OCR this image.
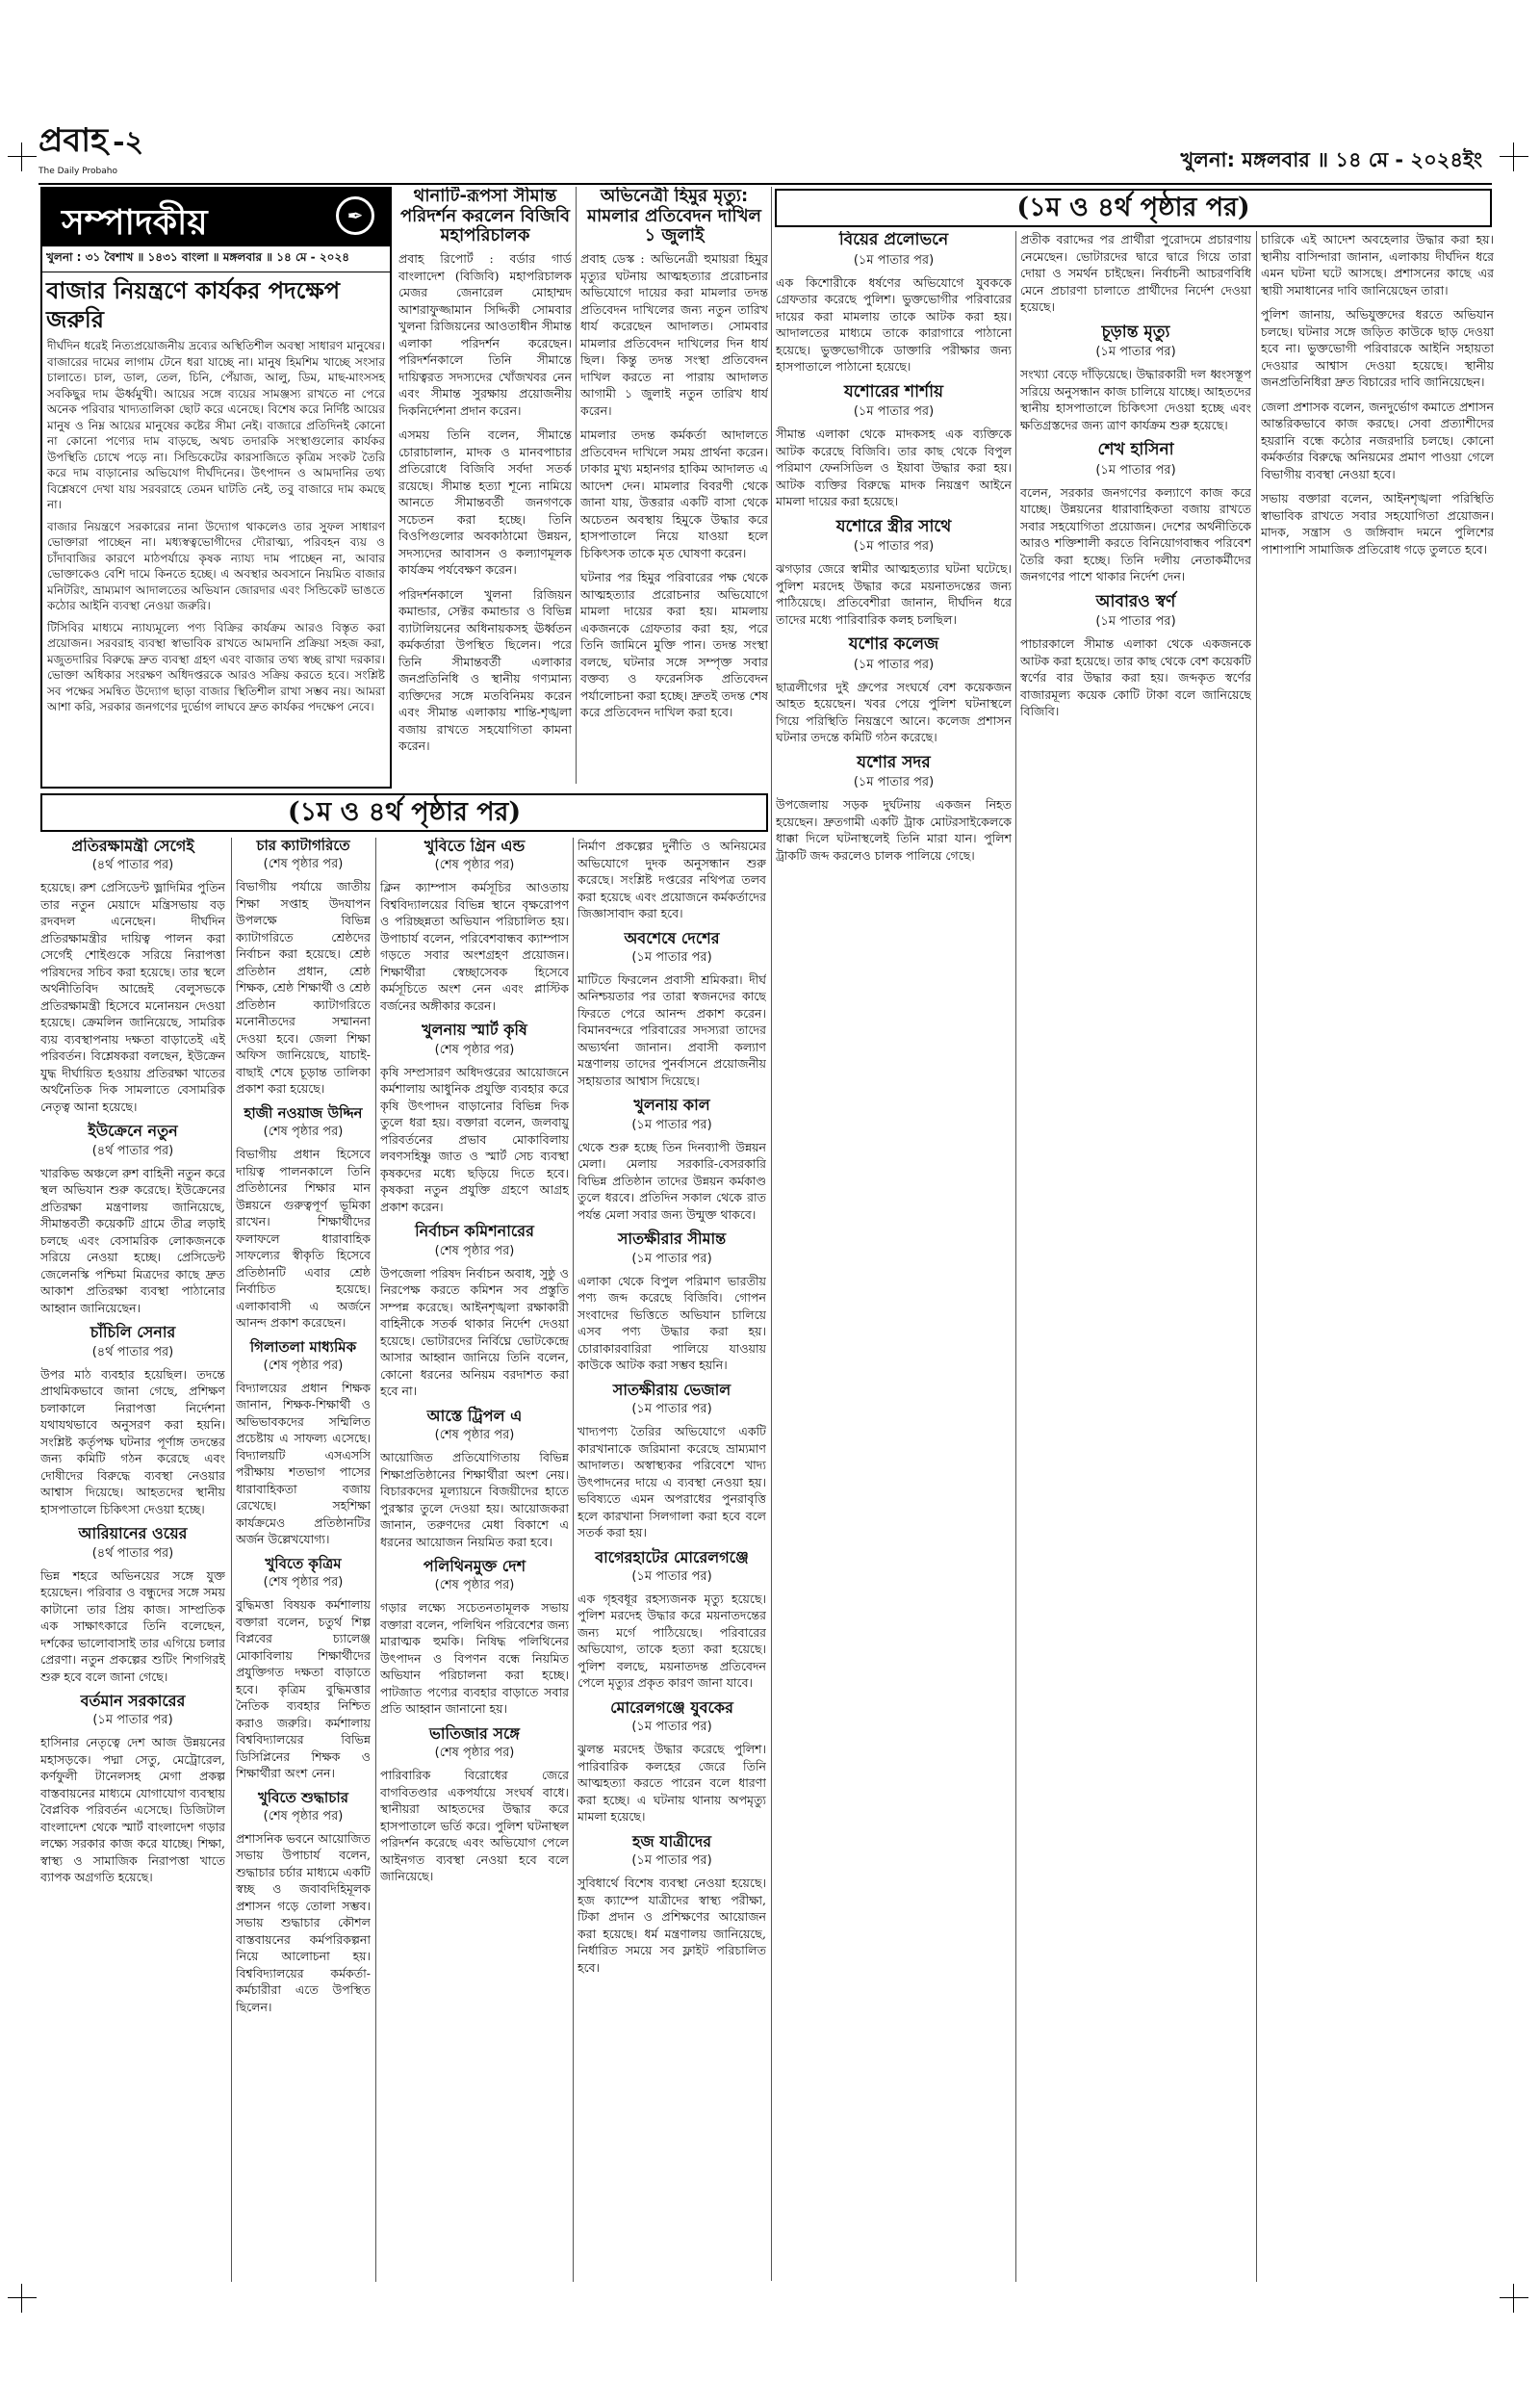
প্রবাহ -২
The Daily Probaho	খুলনা: মঙ্গলবার ॥ ১৪ মে - ২০২৪ইং
সম্পাদকীয়	✒
খুলনা : ৩১ বৈশাখ ॥ ১৪৩১ বাংলা ॥ মঙ্গলবার ॥ ১৪ মে - ২০২৪
বাজার নিয়ন্ত্রণে কার্যকর পদক্ষেপ জরুরি

দীর্ঘদিন ধরেই নিত্যপ্রয়োজনীয় দ্রব্যের অস্থিতিশীল অবস্থা সাধারণ মানুষের। বাজারের দামের লাগাম টেনে ধরা যাচ্ছে না। মানুষ হিমশিম খাচ্ছে সংসার চালাতে। চাল, ডাল, তেল, চিনি, পেঁয়াজ, আলু, ডিম, মাছ-মাংসসহ সবকিছুর দাম ঊর্ধ্বমুখী। আয়ের সঙ্গে ব্যয়ের সামঞ্জস্য রাখতে না পেরে অনেক পরিবার খাদ্যতালিকা ছোট করে এনেছে। বিশেষ করে নির্দিষ্ট আয়ের মানুষ ও নিম্ন আয়ের মানুষের কষ্টের সীমা নেই। বাজারে প্রতিদিনই কোনো না কোনো পণ্যের দাম বাড়ছে, অথচ তদারকি সংস্থাগুলোর কার্যকর উপস্থিতি চোখে পড়ে না। সিন্ডিকেটের কারসাজিতে কৃত্রিম সংকট তৈরি করে দাম বাড়ানোর অভিযোগ দীর্ঘদিনের। উৎপাদন ও আমদানির তথ্য বিশ্লেষণে দেখা যায় সরবরাহে তেমন ঘাটতি নেই, তবু বাজারে দাম কমছে না।

বাজার নিয়ন্ত্রণে সরকারের নানা উদ্যোগ থাকলেও তার সুফল সাধারণ ভোক্তারা পাচ্ছেন না। মধ্যস্বত্বভোগীদের দৌরাত্ম্য, পরিবহন ব্যয় ও চাঁদাবাজির কারণে মাঠপর্যায়ে কৃষক ন্যায্য দাম পাচ্ছেন না, আবার ভোক্তাকেও বেশি দামে কিনতে হচ্ছে। এ অবস্থার অবসানে নিয়মিত বাজার মনিটরিং, ভ্রাম্যমাণ আদালতের অভিযান জোরদার এবং সিন্ডিকেট ভাঙতে কঠোর আইনি ব্যবস্থা নেওয়া জরুরি।

টিসিবির মাধ্যমে ন্যায্যমূল্যে পণ্য বিক্রির কার্যক্রম আরও বিস্তৃত করা প্রয়োজন। সরবরাহ ব্যবস্থা স্বাভাবিক রাখতে আমদানি প্রক্রিয়া সহজ করা, মজুতদারির বিরুদ্ধে দ্রুত ব্যবস্থা গ্রহণ এবং বাজার তথ্য স্বচ্ছ রাখা দরকার। ভোক্তা অধিকার সংরক্ষণ অধিদপ্তরকে আরও সক্রিয় করতে হবে। সংশ্লিষ্ট সব পক্ষের সমন্বিত উদ্যোগ ছাড়া বাজার স্থিতিশীল রাখা সম্ভব নয়। আমরা আশা করি, সরকার জনগণের দুর্ভোগ লাঘবে দ্রুত কার্যকর পদক্ষেপ নেবে।

থানাটি-রূপসা সীমান্ত পরিদর্শন করলেন বিজিবি মহাপরিচালক

প্রবাহ রিপোর্ট : বর্ডার গার্ড বাংলাদেশ (বিজিবি) মহাপরিচালক মেজর জেনারেল মোহাম্মদ আশরাফুজ্জামান সিদ্দিকী সোমবার খুলনা রিজিয়নের আওতাধীন সীমান্ত এলাকা পরিদর্শন করেছেন। পরিদর্শনকালে তিনি সীমান্তে দায়িত্বরত সদস্যদের খোঁজখবর নেন এবং সীমান্ত সুরক্ষায় প্রয়োজনীয় দিকনির্দেশনা প্রদান করেন।

এসময় তিনি বলেন, সীমান্তে চোরাচালান, মাদক ও মানবপাচার প্রতিরোধে বিজিবি সর্বদা সতর্ক রয়েছে। সীমান্ত হত্যা শূন্যে নামিয়ে আনতে সীমান্তবর্তী জনগণকে সচেতন করা হচ্ছে। তিনি বিওপিগুলোর অবকাঠামো উন্নয়ন, সদস্যদের আবাসন ও কল্যাণমূলক কার্যক্রম পর্যবেক্ষণ করেন।

পরিদর্শনকালে খুলনা রিজিয়ন কমান্ডার, সেক্টর কমান্ডার ও বিভিন্ন ব্যাটালিয়নের অধিনায়কসহ ঊর্ধ্বতন কর্মকর্তারা উপস্থিত ছিলেন। পরে তিনি সীমান্তবর্তী এলাকার জনপ্রতিনিধি ও স্থানীয় গণ্যমান্য ব্যক্তিদের সঙ্গে মতবিনিময় করেন এবং সীমান্ত এলাকায় শান্তি-শৃঙ্খলা বজায় রাখতে সহযোগিতা কামনা করেন।

অভিনেত্রী হিমুর মৃত্যু: মামলার প্রতিবেদন দাখিল ১ জুলাই

প্রবাহ ডেস্ক : অভিনেত্রী হুমায়রা হিমুর মৃত্যুর ঘটনায় আত্মহত্যার প্ররোচনার অভিযোগে দায়ের করা মামলার তদন্ত প্রতিবেদন দাখিলের জন্য নতুন তারিখ ধার্য করেছেন আদালত। সোমবার মামলার প্রতিবেদন দাখিলের দিন ধার্য ছিল। কিন্তু তদন্ত সংস্থা প্রতিবেদন দাখিল করতে না পারায় আদালত আগামী ১ জুলাই নতুন তারিখ ধার্য করেন।

মামলার তদন্ত কর্মকর্তা আদালতে প্রতিবেদন দাখিলে সময় প্রার্থনা করেন। ঢাকার মুখ্য মহানগর হাকিম আদালত এ আদেশ দেন। মামলার বিবরণী থেকে জানা যায়, উত্তরার একটি বাসা থেকে অচেতন অবস্থায় হিমুকে উদ্ধার করে হাসপাতালে নিয়ে যাওয়া হলে চিকিৎসক তাকে মৃত ঘোষণা করেন।

ঘটনার পর হিমুর পরিবারের পক্ষ থেকে আত্মহত্যার প্ররোচনার অভিযোগে মামলা দায়ের করা হয়। মামলায় একজনকে গ্রেফতার করা হয়, পরে তিনি জামিনে মুক্তি পান। তদন্ত সংস্থা বলছে, ঘটনার সঙ্গে সম্পৃক্ত সবার বক্তব্য ও ফরেনসিক প্রতিবেদন পর্যালোচনা করা হচ্ছে। দ্রুতই তদন্ত শেষ করে প্রতিবেদন দাখিল করা হবে।

(১ম ও ৪র্থ পৃষ্ঠার পর)
(১ম ও ৪র্থ পৃষ্ঠার পর)
প্রতিরক্ষামন্ত্রী সেগেই
(৪র্থ পাতার পর)

হয়েছে। রুশ প্রেসিডেন্ট ভ্লাদিমির পুতিন তার নতুন মেয়াদে মন্ত্রিসভায় বড় রদবদল এনেছেন। দীর্ঘদিন প্রতিরক্ষামন্ত্রীর দায়িত্ব পালন করা সের্গেই শোইগুকে সরিয়ে নিরাপত্তা পরিষদের সচিব করা হয়েছে। তার স্থলে অর্থনীতিবিদ আন্দ্রেই বেলুসভকে প্রতিরক্ষামন্ত্রী হিসেবে মনোনয়ন দেওয়া হয়েছে। ক্রেমলিন জানিয়েছে, সামরিক ব্যয় ব্যবস্থাপনায় দক্ষতা বাড়াতেই এই পরিবর্তন। বিশ্লেষকরা বলছেন, ইউক্রেন যুদ্ধ দীর্ঘায়িত হওয়ায় প্রতিরক্ষা খাতের অর্থনৈতিক দিক সামলাতে বেসামরিক নেতৃত্ব আনা হয়েছে।

ইউক্রেনে নতুন
(৪র্থ পাতার পর)

খারকিভ অঞ্চলে রুশ বাহিনী নতুন করে স্থল অভিযান শুরু করেছে। ইউক্রেনের প্রতিরক্ষা মন্ত্রণালয় জানিয়েছে, সীমান্তবর্তী কয়েকটি গ্রামে তীব্র লড়াই চলছে এবং বেসামরিক লোকজনকে সরিয়ে নেওয়া হচ্ছে। প্রেসিডেন্ট জেলেনস্কি পশ্চিমা মিত্রদের কাছে দ্রুত আকাশ প্রতিরক্ষা ব্যবস্থা পাঠানোর আহ্বান জানিয়েছেন।

চাঁচিলি সেনার
(৪র্থ পাতার পর)

উপর মাঠ ব্যবহার হয়েছিল। তদন্তে প্রাথমিকভাবে জানা গেছে, প্রশিক্ষণ চলাকালে নিরাপত্তা নির্দেশনা যথাযথভাবে অনুসরণ করা হয়নি। সংশ্লিষ্ট কর্তৃপক্ষ ঘটনার পূর্ণাঙ্গ তদন্তের জন্য কমিটি গঠন করেছে এবং দোষীদের বিরুদ্ধে ব্যবস্থা নেওয়ার আশ্বাস দিয়েছে। আহতদের স্থানীয় হাসপাতালে চিকিৎসা দেওয়া হচ্ছে।

আরিয়ানের ওয়ের
(৪র্থ পাতার পর)

ভিন্ন শহরে অভিনয়ের সঙ্গে যুক্ত হয়েছেন। পরিবার ও বন্ধুদের সঙ্গে সময় কাটানো তার প্রিয় কাজ। সাম্প্রতিক এক সাক্ষাৎকারে তিনি বলেছেন, দর্শকের ভালোবাসাই তার এগিয়ে চলার প্রেরণা। নতুন প্রকল্পের শুটিং শিগগিরই শুরু হবে বলে জানা গেছে।

বর্তমান সরকারের
(১ম পাতার পর)

হাসিনার নেতৃত্বে দেশ আজ উন্নয়নের মহাসড়কে। পদ্মা সেতু, মেট্রোরেল, কর্ণফুলী টানেলসহ মেগা প্রকল্প বাস্তবায়নের মাধ্যমে যোগাযোগ ব্যবস্থায় বৈপ্লবিক পরিবর্তন এসেছে। ডিজিটাল বাংলাদেশ থেকে স্মার্ট বাংলাদেশ গড়ার লক্ষ্যে সরকার কাজ করে যাচ্ছে। শিক্ষা, স্বাস্থ্য ও সামাজিক নিরাপত্তা খাতে ব্যাপক অগ্রগতি হয়েছে।

চার ক্যাটাগরিতে
(শেষ পৃষ্ঠার পর)

বিভাগীয় পর্যায়ে জাতীয় শিক্ষা সপ্তাহ উদযাপন উপলক্ষে বিভিন্ন ক্যাটাগরিতে শ্রেষ্ঠদের নির্বাচন করা হয়েছে। শ্রেষ্ঠ প্রতিষ্ঠান প্রধান, শ্রেষ্ঠ শিক্ষক, শ্রেষ্ঠ শিক্ষার্থী ও শ্রেষ্ঠ প্রতিষ্ঠান ক্যাটাগরিতে মনোনীতদের সম্মাননা দেওয়া হবে। জেলা শিক্ষা অফিস জানিয়েছে, যাচাই-বাছাই শেষে চূড়ান্ত তালিকা প্রকাশ করা হয়েছে।

হাজী নওয়াজ উদ্দিন
(শেষ পৃষ্ঠার পর)

বিভাগীয় প্রধান হিসেবে দায়িত্ব পালনকালে তিনি প্রতিষ্ঠানের শিক্ষার মান উন্নয়নে গুরুত্বপূর্ণ ভূমিকা রাখেন। শিক্ষার্থীদের ফলাফলে ধারাবাহিক সাফল্যের স্বীকৃতি হিসেবে প্রতিষ্ঠানটি এবার শ্রেষ্ঠ নির্বাচিত হয়েছে। এলাকাবাসী এ অর্জনে আনন্দ প্রকাশ করেছেন।

গিলাতলা মাধ্যমিক
(শেষ পৃষ্ঠার পর)

বিদ্যালয়ের প্রধান শিক্ষক জানান, শিক্ষক-শিক্ষার্থী ও অভিভাবকদের সম্মিলিত প্রচেষ্টায় এ সাফল্য এসেছে। বিদ্যালয়টি এসএসসি পরীক্ষায় শতভাগ পাসের ধারাবাহিকতা বজায় রেখেছে। সহশিক্ষা কার্যক্রমেও প্রতিষ্ঠানটির অর্জন উল্লেখযোগ্য।

খুবিতে কৃত্রিম
(শেষ পৃষ্ঠার পর)

বুদ্ধিমত্তা বিষয়ক কর্মশালায় বক্তারা বলেন, চতুর্থ শিল্প বিপ্লবের চ্যালেঞ্জ মোকাবিলায় শিক্ষার্থীদের প্রযুক্তিগত দক্ষতা বাড়াতে হবে। কৃত্রিম বুদ্ধিমত্তার নৈতিক ব্যবহার নিশ্চিত করাও জরুরি। কর্মশালায় বিশ্ববিদ্যালয়ের বিভিন্ন ডিসিপ্লিনের শিক্ষক ও শিক্ষার্থীরা অংশ নেন।

খুবিতে শুদ্ধাচার
(শেষ পৃষ্ঠার পর)

প্রশাসনিক ভবনে আয়োজিত সভায় উপাচার্য বলেন, শুদ্ধাচার চর্চার মাধ্যমে একটি স্বচ্ছ ও জবাবদিহিমূলক প্রশাসন গড়ে তোলা সম্ভব। সভায় শুদ্ধাচার কৌশল বাস্তবায়নের কর্মপরিকল্পনা নিয়ে আলোচনা হয়। বিশ্ববিদ্যালয়ের কর্মকর্তা-কর্মচারীরা এতে উপস্থিত ছিলেন।

খুবিতে গ্রিন এন্ড
(শেষ পৃষ্ঠার পর)

ক্লিন ক্যাম্পাস কর্মসূচির আওতায় বিশ্ববিদ্যালয়ের বিভিন্ন স্থানে বৃক্ষরোপণ ও পরিচ্ছন্নতা অভিযান পরিচালিত হয়। উপাচার্য বলেন, পরিবেশবান্ধব ক্যাম্পাস গড়তে সবার অংশগ্রহণ প্রয়োজন। শিক্ষার্থীরা স্বেচ্ছাসেবক হিসেবে কর্মসূচিতে অংশ নেন এবং প্লাস্টিক বর্জনের অঙ্গীকার করেন।

খুলনায় স্মার্ট কৃষি
(শেষ পৃষ্ঠার পর)

কৃষি সম্প্রসারণ অধিদপ্তরের আয়োজনে কর্মশালায় আধুনিক প্রযুক্তি ব্যবহার করে কৃষি উৎপাদন বাড়ানোর বিভিন্ন দিক তুলে ধরা হয়। বক্তারা বলেন, জলবায়ু পরিবর্তনের প্রভাব মোকাবিলায় লবণসহিষ্ণু জাত ও স্মার্ট সেচ ব্যবস্থা কৃষকদের মধ্যে ছড়িয়ে দিতে হবে। কৃষকরা নতুন প্রযুক্তি গ্রহণে আগ্রহ প্রকাশ করেন।

নির্বাচন কমিশনারের
(শেষ পৃষ্ঠার পর)

উপজেলা পরিষদ নির্বাচন অবাধ, সুষ্ঠু ও নিরপেক্ষ করতে কমিশন সব প্রস্তুতি সম্পন্ন করেছে। আইনশৃঙ্খলা রক্ষাকারী বাহিনীকে সতর্ক থাকার নির্দেশ দেওয়া হয়েছে। ভোটারদের নির্বিঘ্নে ভোটকেন্দ্রে আসার আহ্বান জানিয়ে তিনি বলেন, কোনো ধরনের অনিয়ম বরদাশত করা হবে না।

আস্তে ট্রিপল এ
(শেষ পৃষ্ঠার পর)

আয়োজিত প্রতিযোগিতায় বিভিন্ন শিক্ষাপ্রতিষ্ঠানের শিক্ষার্থীরা অংশ নেয়। বিচারকদের মূল্যায়নে বিজয়ীদের হাতে পুরস্কার তুলে দেওয়া হয়। আয়োজকরা জানান, তরুণদের মেধা বিকাশে এ ধরনের আয়োজন নিয়মিত করা হবে।

পলিথিনমুক্ত দেশ
(শেষ পৃষ্ঠার পর)

গড়ার লক্ষ্যে সচেতনতামূলক সভায় বক্তারা বলেন, পলিথিন পরিবেশের জন্য মারাত্মক হুমকি। নিষিদ্ধ পলিথিনের উৎপাদন ও বিপণন বন্ধে নিয়মিত অভিযান পরিচালনা করা হচ্ছে। পাটজাত পণ্যের ব্যবহার বাড়াতে সবার প্রতি আহ্বান জানানো হয়।

ভাতিজার সঙ্গে
(শেষ পৃষ্ঠার পর)

পারিবারিক বিরোধের জেরে বাগবিতণ্ডার একপর্যায়ে সংঘর্ষ বাধে। স্থানীয়রা আহতদের উদ্ধার করে হাসপাতালে ভর্তি করে। পুলিশ ঘটনাস্থল পরিদর্শন করেছে এবং অভিযোগ পেলে আইনগত ব্যবস্থা নেওয়া হবে বলে জানিয়েছে।

নির্মাণ প্রকল্পের দুর্নীতি ও অনিয়মের অভিযোগে দুদক অনুসন্ধান শুরু করেছে। সংশ্লিষ্ট দপ্তরের নথিপত্র তলব করা হয়েছে এবং প্রয়োজনে কর্মকর্তাদের জিজ্ঞাসাবাদ করা হবে।

অবশেষে দেশের
(১ম পাতার পর)

মাটিতে ফিরলেন প্রবাসী শ্রমিকরা। দীর্ঘ অনিশ্চয়তার পর তারা স্বজনদের কাছে ফিরতে পেরে আনন্দ প্রকাশ করেন। বিমানবন্দরে পরিবারের সদস্যরা তাদের অভ্যর্থনা জানান। প্রবাসী কল্যাণ মন্ত্রণালয় তাদের পুনর্বাসনে প্রয়োজনীয় সহায়তার আশ্বাস দিয়েছে।

খুলনায় কাল
(১ম পাতার পর)

থেকে শুরু হচ্ছে তিন দিনব্যাপী উন্নয়ন মেলা। মেলায় সরকারি-বেসরকারি বিভিন্ন প্রতিষ্ঠান তাদের উন্নয়ন কর্মকাণ্ড তুলে ধরবে। প্রতিদিন সকাল থেকে রাত পর্যন্ত মেলা সবার জন্য উন্মুক্ত থাকবে।

সাতক্ষীরার সীমান্ত
(১ম পাতার পর)

এলাকা থেকে বিপুল পরিমাণ ভারতীয় পণ্য জব্দ করেছে বিজিবি। গোপন সংবাদের ভিত্তিতে অভিযান চালিয়ে এসব পণ্য উদ্ধার করা হয়। চোরাকারবারিরা পালিয়ে যাওয়ায় কাউকে আটক করা সম্ভব হয়নি।

সাতক্ষীরায় ভেজাল
(১ম পাতার পর)

খাদ্যপণ্য তৈরির অভিযোগে একটি কারখানাকে জরিমানা করেছে ভ্রাম্যমাণ আদালত। অস্বাস্থ্যকর পরিবেশে খাদ্য উৎপাদনের দায়ে এ ব্যবস্থা নেওয়া হয়। ভবিষ্যতে এমন অপরাধের পুনরাবৃত্তি হলে কারখানা সিলগালা করা হবে বলে সতর্ক করা হয়।

বাগেরহাটের মোরেলগঞ্জে
(১ম পাতার পর)

এক গৃহবধূর রহস্যজনক মৃত্যু হয়েছে। পুলিশ মরদেহ উদ্ধার করে ময়নাতদন্তের জন্য মর্গে পাঠিয়েছে। পরিবারের অভিযোগ, তাকে হত্যা করা হয়েছে। পুলিশ বলছে, ময়নাতদন্ত প্রতিবেদন পেলে মৃত্যুর প্রকৃত কারণ জানা যাবে।

মোরেলগঞ্জে যুবকের
(১ম পাতার পর)

ঝুলন্ত মরদেহ উদ্ধার করেছে পুলিশ। পারিবারিক কলহের জেরে তিনি আত্মহত্যা করতে পারেন বলে ধারণা করা হচ্ছে। এ ঘটনায় থানায় অপমৃত্যু মামলা হয়েছে।

হজ যাত্রীদের
(১ম পাতার পর)

সুবিধার্থে বিশেষ ব্যবস্থা নেওয়া হয়েছে। হজ ক্যাম্পে যাত্রীদের স্বাস্থ্য পরীক্ষা, টিকা প্রদান ও প্রশিক্ষণের আয়োজন করা হয়েছে। ধর্ম মন্ত্রণালয় জানিয়েছে, নির্ধারিত সময়ে সব ফ্লাইট পরিচালিত হবে।

বিয়ের প্রলোভনে
(১ম পাতার পর)

এক কিশোরীকে ধর্ষণের অভিযোগে যুবককে গ্রেফতার করেছে পুলিশ। ভুক্তভোগীর পরিবারের দায়ের করা মামলায় তাকে আটক করা হয়। আদালতের মাধ্যমে তাকে কারাগারে পাঠানো হয়েছে। ভুক্তভোগীকে ডাক্তারি পরীক্ষার জন্য হাসপাতালে পাঠানো হয়েছে।

যশোরের শার্শায়
(১ম পাতার পর)

সীমান্ত এলাকা থেকে মাদকসহ এক ব্যক্তিকে আটক করেছে বিজিবি। তার কাছ থেকে বিপুল পরিমাণ ফেনসিডিল ও ইয়াবা উদ্ধার করা হয়। আটক ব্যক্তির বিরুদ্ধে মাদক নিয়ন্ত্রণ আইনে মামলা দায়ের করা হয়েছে।

যশোরে স্ত্রীর সাথে
(১ম পাতার পর)

ঝগড়ার জেরে স্বামীর আত্মহত্যার ঘটনা ঘটেছে। পুলিশ মরদেহ উদ্ধার করে ময়নাতদন্তের জন্য পাঠিয়েছে। প্রতিবেশীরা জানান, দীর্ঘদিন ধরে তাদের মধ্যে পারিবারিক কলহ চলছিল।

যশোর কলেজ
(১ম পাতার পর)

ছাত্রলীগের দুই গ্রুপের সংঘর্ষে বেশ কয়েকজন আহত হয়েছেন। খবর পেয়ে পুলিশ ঘটনাস্থলে গিয়ে পরিস্থিতি নিয়ন্ত্রণে আনে। কলেজ প্রশাসন ঘটনার তদন্তে কমিটি গঠন করেছে।

যশোর সদর
(১ম পাতার পর)

উপজেলায় সড়ক দুর্ঘটনায় একজন নিহত হয়েছেন। দ্রুতগামী একটি ট্রাক মোটরসাইকেলকে ধাক্কা দিলে ঘটনাস্থলেই তিনি মারা যান। পুলিশ ট্রাকটি জব্দ করলেও চালক পালিয়ে গেছে।

প্রতীক বরাদ্দের পর প্রার্থীরা পুরোদমে প্রচারণায় নেমেছেন। ভোটারদের দ্বারে দ্বারে গিয়ে তারা দোয়া ও সমর্থন চাইছেন। নির্বাচনী আচরণবিধি মেনে প্রচারণা চালাতে প্রার্থীদের নির্দেশ দেওয়া হয়েছে।

চূড়ান্ত মৃত্যু
(১ম পাতার পর)

সংখ্যা বেড়ে দাঁড়িয়েছে। উদ্ধারকারী দল ধ্বংসস্তূপ সরিয়ে অনুসন্ধান কাজ চালিয়ে যাচ্ছে। আহতদের স্থানীয় হাসপাতালে চিকিৎসা দেওয়া হচ্ছে এবং ক্ষতিগ্রস্তদের জন্য ত্রাণ কার্যক্রম শুরু হয়েছে।

শেখ হাসিনা
(১ম পাতার পর)

বলেন, সরকার জনগণের কল্যাণে কাজ করে যাচ্ছে। উন্নয়নের ধারাবাহিকতা বজায় রাখতে সবার সহযোগিতা প্রয়োজন। দেশের অর্থনীতিকে আরও শক্তিশালী করতে বিনিয়োগবান্ধব পরিবেশ তৈরি করা হচ্ছে। তিনি দলীয় নেতাকর্মীদের জনগণের পাশে থাকার নির্দেশ দেন।

আবারও স্বর্ণ
(১ম পাতার পর)

পাচারকালে সীমান্ত এলাকা থেকে একজনকে আটক করা হয়েছে। তার কাছ থেকে বেশ কয়েকটি স্বর্ণের বার উদ্ধার করা হয়। জব্দকৃত স্বর্ণের বাজারমূল্য কয়েক কোটি টাকা বলে জানিয়েছে বিজিবি।

চারিকে এই আদেশ অবহেলার উদ্ধার করা হয়। স্থানীয় বাসিন্দারা জানান, এলাকায় দীর্ঘদিন ধরে এমন ঘটনা ঘটে আসছে। প্রশাসনের কাছে এর স্থায়ী সমাধানের দাবি জানিয়েছেন তারা।

পুলিশ জানায়, অভিযুক্তদের ধরতে অভিযান চলছে। ঘটনার সঙ্গে জড়িত কাউকে ছাড় দেওয়া হবে না। ভুক্তভোগী পরিবারকে আইনি সহায়তা দেওয়ার আশ্বাস দেওয়া হয়েছে। স্থানীয় জনপ্রতিনিধিরা দ্রুত বিচারের দাবি জানিয়েছেন।

জেলা প্রশাসক বলেন, জনদুর্ভোগ কমাতে প্রশাসন আন্তরিকভাবে কাজ করছে। সেবা প্রত্যাশীদের হয়রানি বন্ধে কঠোর নজরদারি চলছে। কোনো কর্মকর্তার বিরুদ্ধে অনিয়মের প্রমাণ পাওয়া গেলে বিভাগীয় ব্যবস্থা নেওয়া হবে।

সভায় বক্তারা বলেন, আইনশৃঙ্খলা পরিস্থিতি স্বাভাবিক রাখতে সবার সহযোগিতা প্রয়োজন। মাদক, সন্ত্রাস ও জঙ্গিবাদ দমনে পুলিশের পাশাপাশি সামাজিক প্রতিরোধ গড়ে তুলতে হবে।
